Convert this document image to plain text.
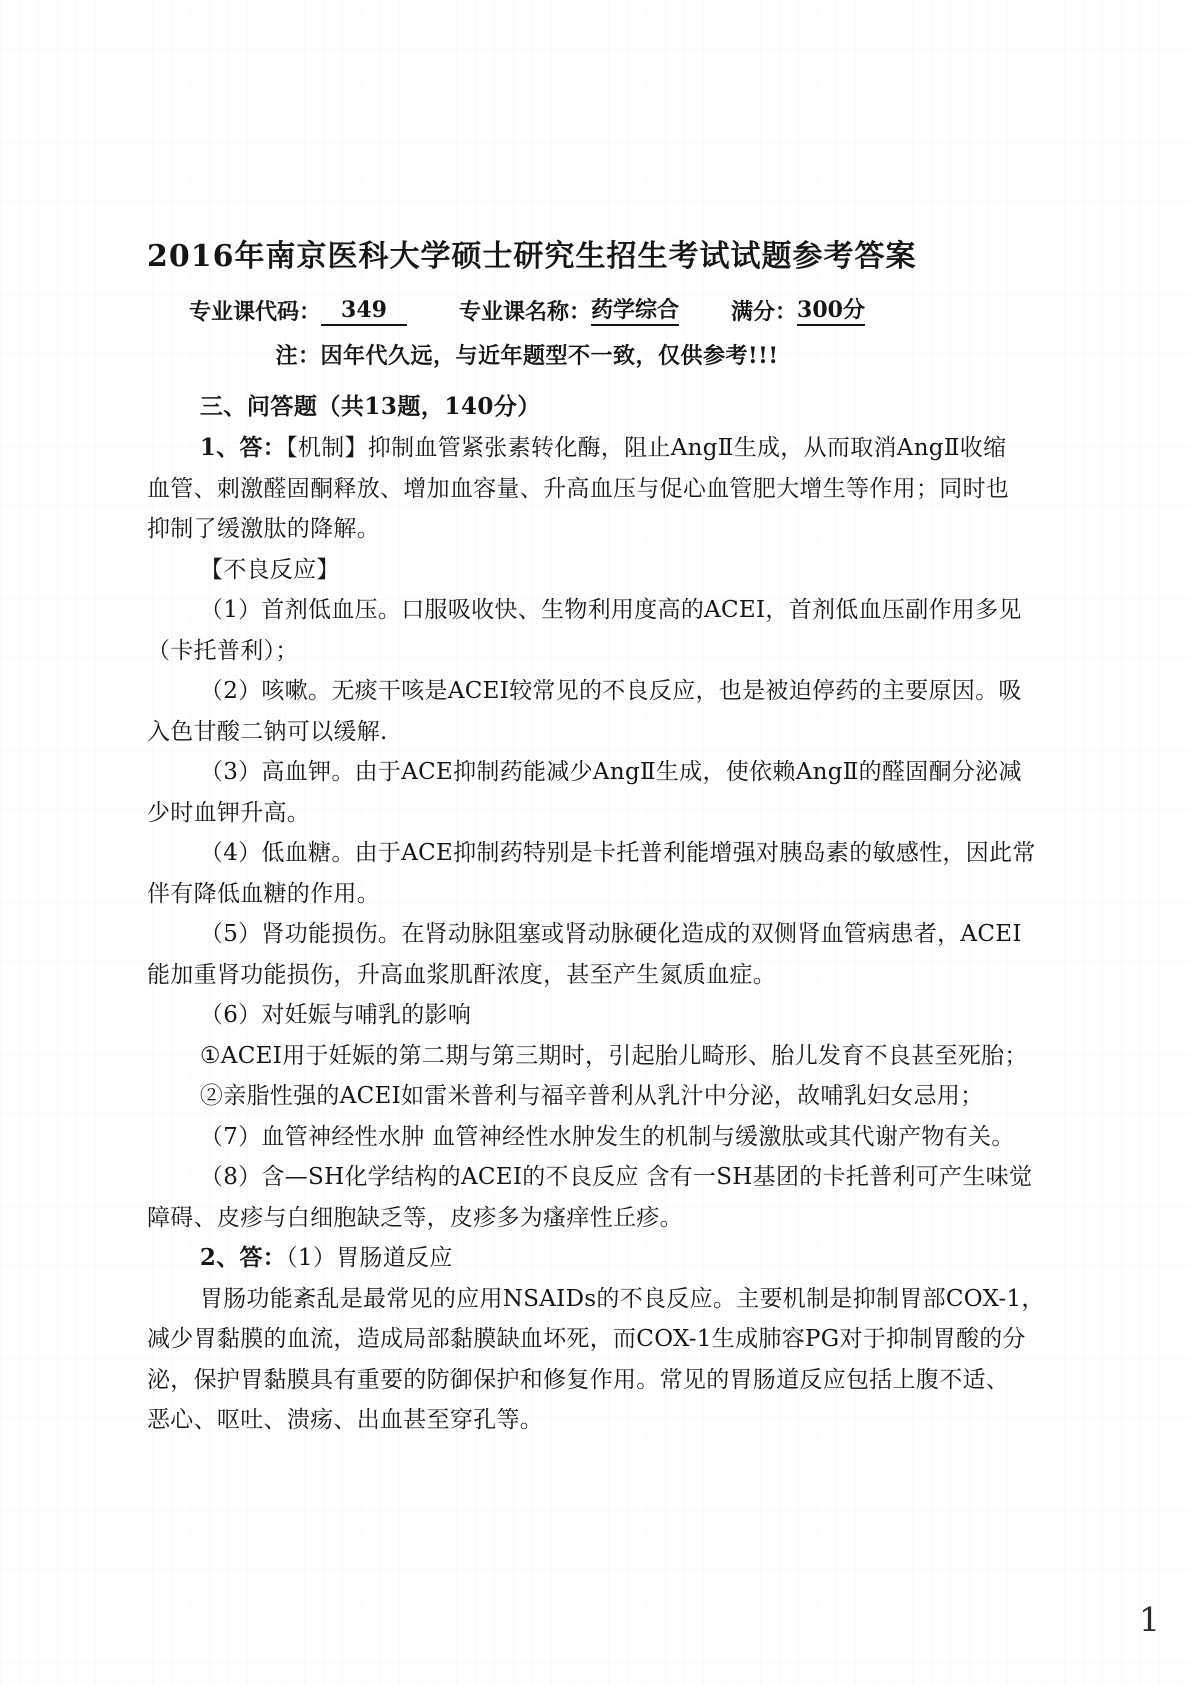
2016年南京医科大学硕士研究生招生考试试题参考答案
专业课代码： 349	专业课名称： 药学综合 满分： 300分
注：因年代久远，与近年题型不一致，仅供参考!!!
三、问答题（共13题，140分）
1、答：【机制】抑制血管紧张素转化酶，阻止AngⅡ生成，从而取消AngⅡ收缩
血管、刺激醛固酮释放、增加血容量、升高血压与促心血管肥大增生等作用；同时也
抑制了缓激肽的降解。
【不良反应】
（1）首剂低血压。口服吸收快、生物利用度高的ACEI，首剂低血压副作用多见
（卡托普利）；
（2）咳嗽。无痰干咳是ACEI较常见的不良反应，也是被迫停药的主要原因。吸
入色甘酸二钠可以缓解.
（3）高血钾。由于ACE抑制药能减少AngⅡ生成，使依赖AngⅡ的醛固酮分泌减
少时血钾升高。
（4）低血糖。由于ACE抑制药特别是卡托普利能增强对胰岛素的敏感性，因此常
伴有降低血糖的作用。
（5）肾功能损伤。在肾动脉阻塞或肾动脉硬化造成的双侧肾血管病患者，ACEI
能加重肾功能损伤，升高血浆肌酐浓度，甚至产生氮质血症。
（6）对妊娠与哺乳的影响
①ACEI用于妊娠的第二期与第三期时，引起胎儿畸形、胎儿发育不良甚至死胎；
②亲脂性强的ACEI如雷米普利与福辛普利从乳汁中分泌，故哺乳妇女忌用；
（7）血管神经性水肿 血管神经性水肿发生的机制与缓激肽或其代谢产物有关。
（8）含—SH化学结构的ACEI的不良反应 含有一SH基团的卡托普利可产生味觉
障碍、皮疹与白细胞缺乏等，皮疹多为瘙痒性丘疹。
2、答：（1）胃肠道反应
胃肠功能紊乱是最常见的应用NSAIDs的不良反应。主要机制是抑制胃部COX-1，
减少胃黏膜的血流，造成局部黏膜缺血坏死，而COX-1生成肺容PG对于抑制胃酸的分
泌，保护胃黏膜具有重要的防御保护和修复作用。常见的胃肠道反应包括上腹不适、
恶心、呕吐、溃疡、出血甚至穿孔等。
1
